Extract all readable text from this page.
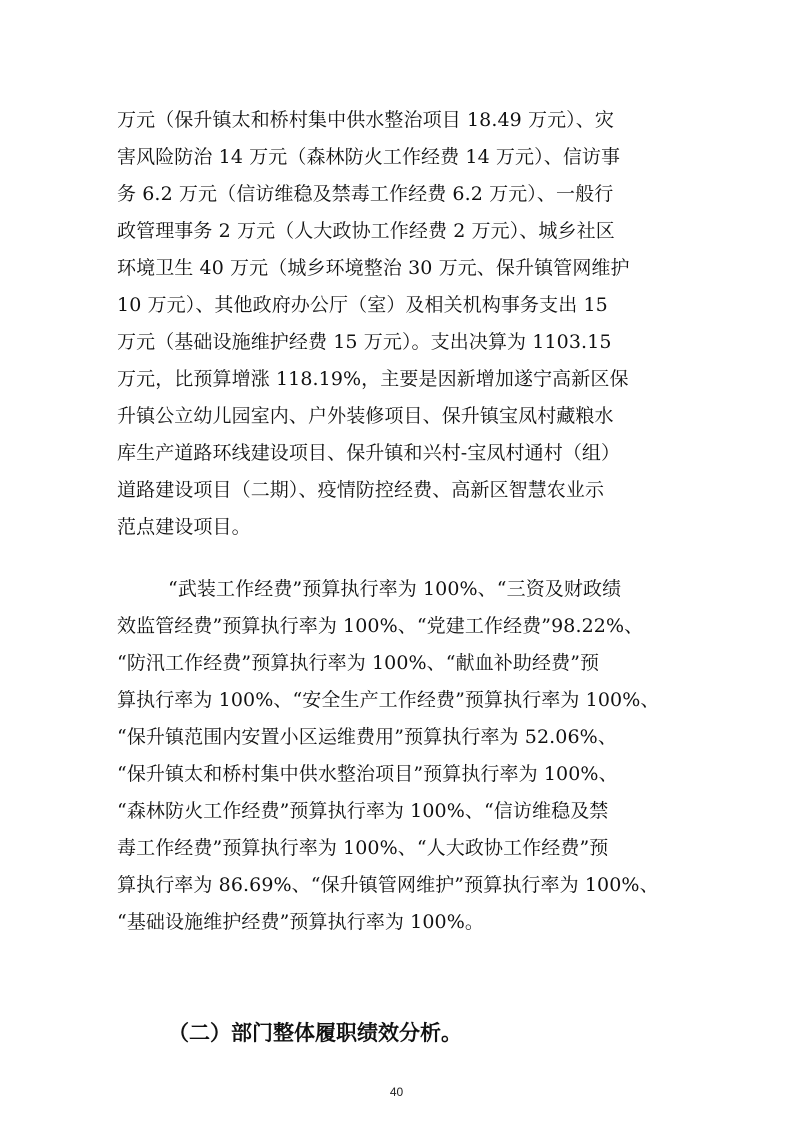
万元（保升镇太和桥村集中供水整治项目 18.49 万元）、灾
害风险防治 14 万元（森林防火工作经费 14 万元）、信访事
务 6.2 万元（信访维稳及禁毒工作经费 6.2 万元）、一般行
政管理事务 2 万元（人大政协工作经费 2 万元）、城乡社区
环境卫生 40 万元（城乡环境整治 30 万元、保升镇管网维护
10 万元）、其他政府办公厅（室）及相关机构事务支出 15
万元（基础设施维护经费 15 万元）。支出决算为 1103.15
万元，比预算增涨 118.19%，主要是因新增加遂宁高新区保
升镇公立幼儿园室内、户外装修项目、保升镇宝凤村藏粮水
库生产道路环线建设项目、保升镇和兴村-宝凤村通村（组）
道路建设项目（二期）、疫情防控经费、高新区智慧农业示
范点建设项目。
“武装工作经费”预算执行率为 100%、“三资及财政绩
效监管经费”预算执行率为 100%、“党建工作经费”98.22%、
“防汛工作经费”预算执行率为 100%、“献血补助经费”预
算执行率为 100%、“安全生产工作经费”预算执行率为 100%、
“保升镇范围内安置小区运维费用”预算执行率为 52.06%、
“保升镇太和桥村集中供水整治项目”预算执行率为 100%、
“森林防火工作经费”预算执行率为 100%、“信访维稳及禁
毒工作经费”预算执行率为 100%、“人大政协工作经费”预
算执行率为 86.69%、“保升镇管网维护”预算执行率为 100%、
“基础设施维护经费”预算执行率为 100%。
（二）部门整体履职绩效分析。
40
